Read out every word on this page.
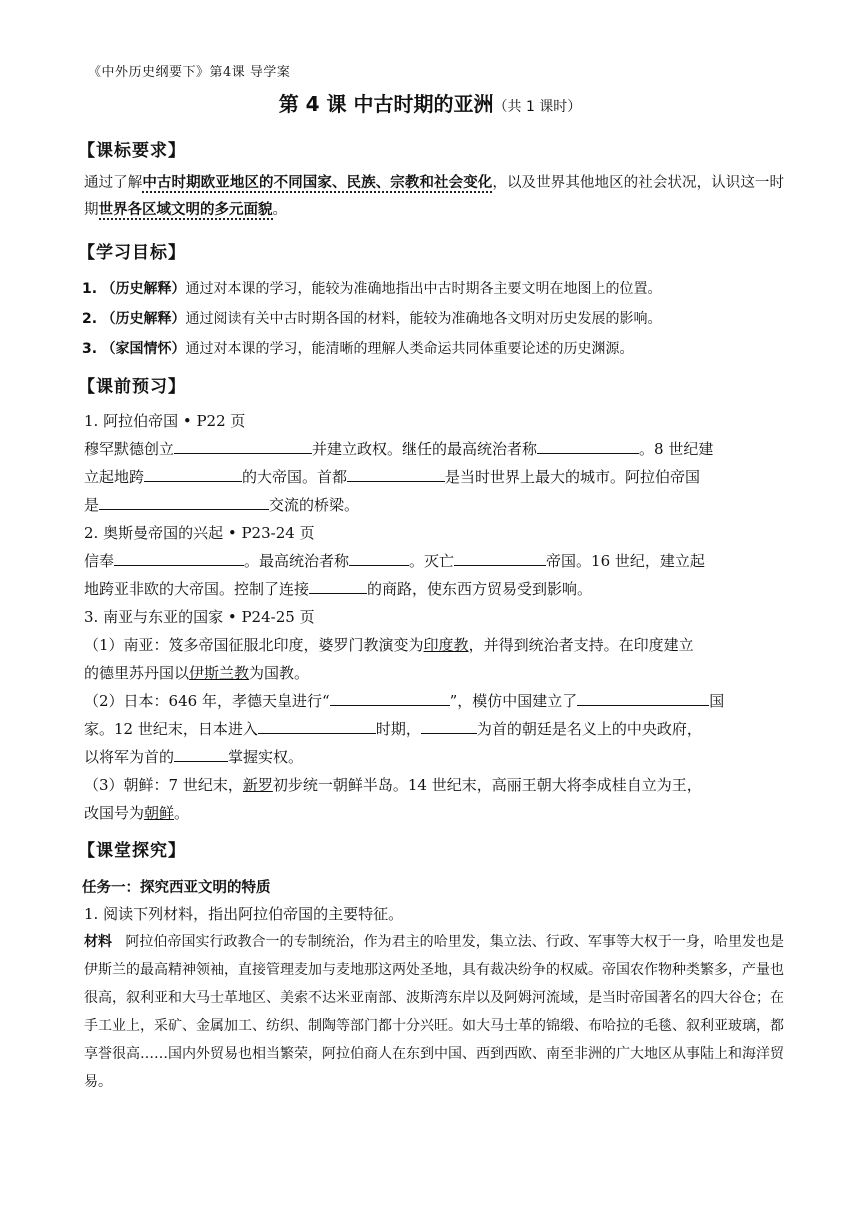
《中外历史纲要下》第4课 导学案
第 4 课 中古时期的亚洲（共 1 课时）
【课标要求】
通过了解中古时期欧亚地区的不同国家、民族、宗教和社会变化，以及世界其他地区的社会状况，认识这一时期世界各区域文明的多元面貌。
【学习目标】
1. （历史解释）通过对本课的学习，能较为准确地指出中古时期各主要文明在地图上的位置。
2. （历史解释）通过阅读有关中古时期各国的材料，能较为准确地各文明对历史发展的影响。
3. （家国情怀）通过对本课的学习，能清晰的理解人类命运共同体重要论述的历史渊源。
【课前预习】
1. 阿拉伯帝国 • P22 页
穆罕默德创立	并建立政权。继任的最高统治者称	。8 世纪建
立起地跨	的大帝国。首都	是当时世界上最大的城市。阿拉伯帝国
是	交流的桥梁。
2. 奥斯曼帝国的兴起 • P23-24 页
信奉	。最高统治者称	。灭亡	帝国。16 世纪，建立起
地跨亚非欧的大帝国。控制了连接	的商路，使东西方贸易受到影响。
3. 南亚与东亚的国家 • P24-25 页
（1）南亚：笈多帝国征服北印度，婆罗门教演变为印度教，并得到统治者支持。在印度建立
的德里苏丹国以伊斯兰教为国教。
（2）日本：646 年，孝德天皇进行“	”，模仿中国建立了	国
家。12 世纪末，日本进入	时期，	为首的朝廷是名义上的中央政府，
以将军为首的	掌握实权。
（3）朝鲜：7 世纪末，新罗初步统一朝鲜半岛。14 世纪末，高丽王朝大将李成桂自立为王，
改国号为朝鲜。
【课堂探究】
任务一：探究西亚文明的特质
1. 阅读下列材料，指出阿拉伯帝国的主要特征。
材料 阿拉伯帝国实行政教合一的专制统治，作为君主的哈里发，集立法、行政、军事等大权于一身，哈里发也是伊斯兰的最高精神领袖，直接管理麦加与麦地那这两处圣地，具有裁决纷争的权威。帝国农作物种类繁多，产量也很高，叙利亚和大马士革地区、美索不达米亚南部、波斯湾东岸以及阿姆河流域，是当时帝国著名的四大谷仓；在手工业上，采矿、金属加工、纺织、制陶等部门都十分兴旺。如大马士革的锦缎、布哈拉的毛毯、叙利亚玻璃，都享誉很高……国内外贸易也相当繁荣，阿拉伯商人在东到中国、西到西欧、南至非洲的广大地区从事陆上和海洋贸易。
